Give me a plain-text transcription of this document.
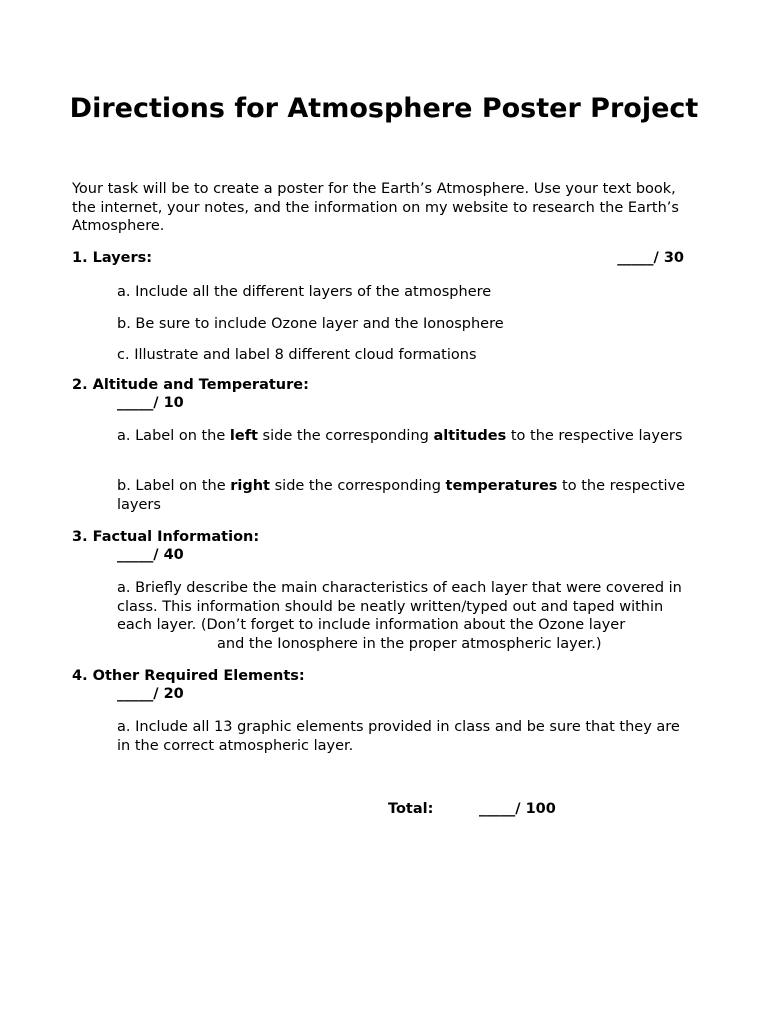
Directions for Atmosphere Poster Project
Your task will be to create a poster for the Earth’s Atmosphere. Use your text book, the internet, your notes, and the information on my website to research the Earth’s Atmosphere.
1. Layers:	_____/ 30
a. Include all the different layers of the atmosphere
b. Be sure to include Ozone layer and the Ionosphere
c. Illustrate and label 8 different cloud formations
2. Altitude and Temperature:
_____/ 10
a. Label on the left side the corresponding altitudes to the respective layers
b. Label on the right side the corresponding temperatures to the respective layers
3. Factual Information:
_____/ 40
a. Briefly describe the main characteristics of each layer that were covered in class. This information should be neatly written/typed out and taped within each layer. (Don’t forget to include information about the Ozone layerand the Ionosphere in the proper atmospheric layer.)
4. Other Required Elements:
_____/ 20
a. Include all 13 graphic elements provided in class and be sure that they are in the correct atmospheric layer.
Total:	_____/ 100
